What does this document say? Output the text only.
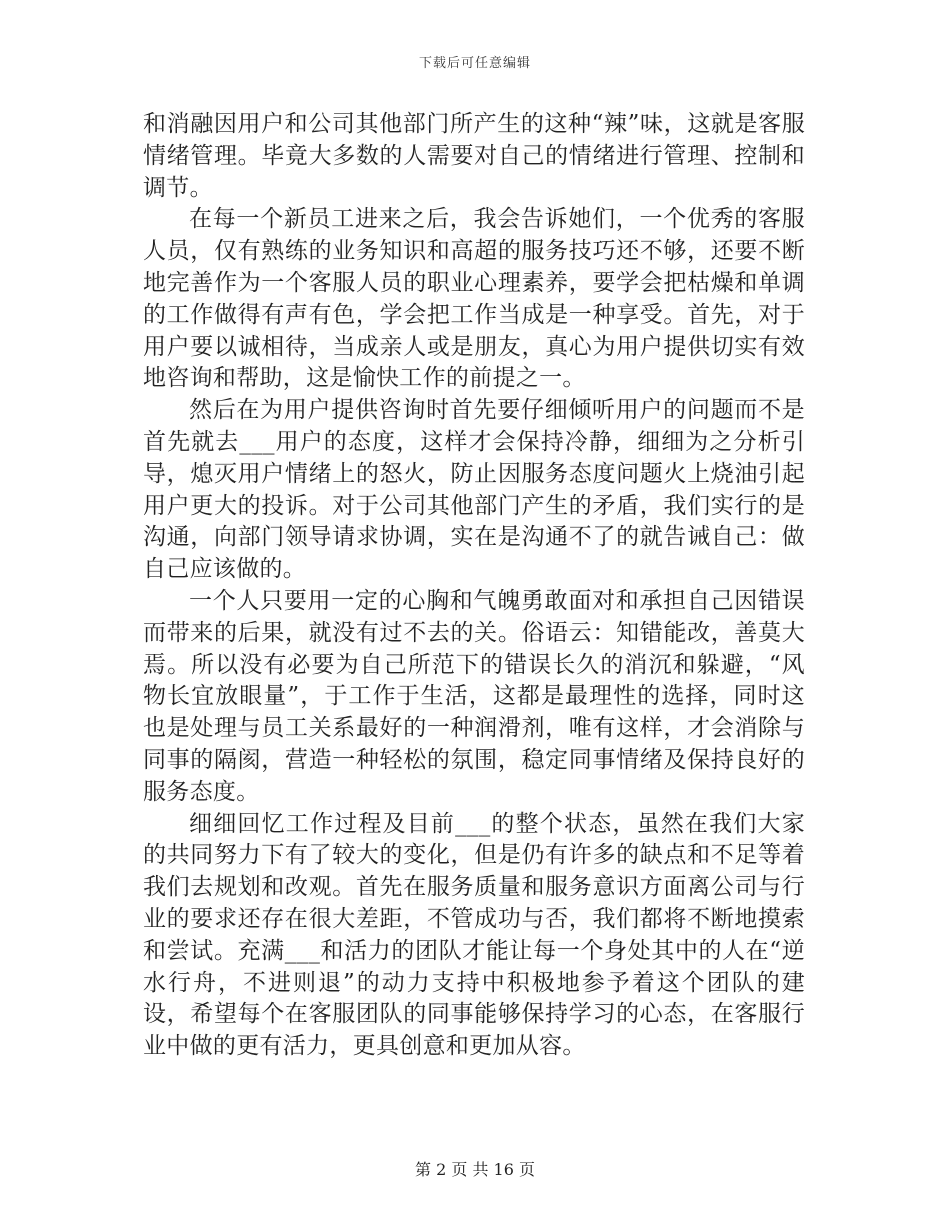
下载后可任意编辑

和消融因用户和公司其他部门所产生的这种“辣”味，这就是客服情绪管理。毕竟大多数的人需要对自己的情绪进行管理、控制和调节。

在每一个新员工进来之后，我会告诉她们，一个优秀的客服人员，仅有熟练的业务知识和高超的服务技巧还不够，还要不断地完善作为一个客服人员的职业心理素养，要学会把枯燥和单调的工作做得有声有色，学会把工作当成是一种享受。首先，对于用户要以诚相待，当成亲人或是朋友，真心为用户提供切实有效地咨询和帮助，这是愉快工作的前提之一。

然后在为用户提供咨询时首先要仔细倾听用户的问题而不是首先就去___用户的态度，这样才会保持冷静，细细为之分析引导，熄灭用户情绪上的怒火，防止因服务态度问题火上烧油引起用户更大的投诉。对于公司其他部门产生的矛盾，我们实行的是沟通，向部门领导请求协调，实在是沟通不了的就告诫自己：做自己应该做的。

一个人只要用一定的心胸和气魄勇敢面对和承担自己因错误而带来的后果，就没有过不去的关。俗语云：知错能改，善莫大焉。所以没有必要为自己所范下的错误长久的消沉和躲避，“风物长宜放眼量”，于工作于生活，这都是最理性的选择，同时这也是处理与员工关系最好的一种润滑剂，唯有这样，才会消除与同事的隔阂，营造一种轻松的氛围，稳定同事情绪及保持良好的服务态度。

细细回忆工作过程及目前___的整个状态，虽然在我们大家的共同努力下有了较大的变化，但是仍有许多的缺点和不足等着我们去规划和改观。首先在服务质量和服务意识方面离公司与行业的要求还存在很大差距，不管成功与否，我们都将不断地摸索和尝试。充满___和活力的团队才能让每一个身处其中的人在“逆水行舟，不进则退”的动力支持中积极地参予着这个团队的建设，希望每个在客服团队的同事能够保持学习的心态，在客服行业中做的更有活力，更具创意和更加从容。

第 2 页 共 16 页
